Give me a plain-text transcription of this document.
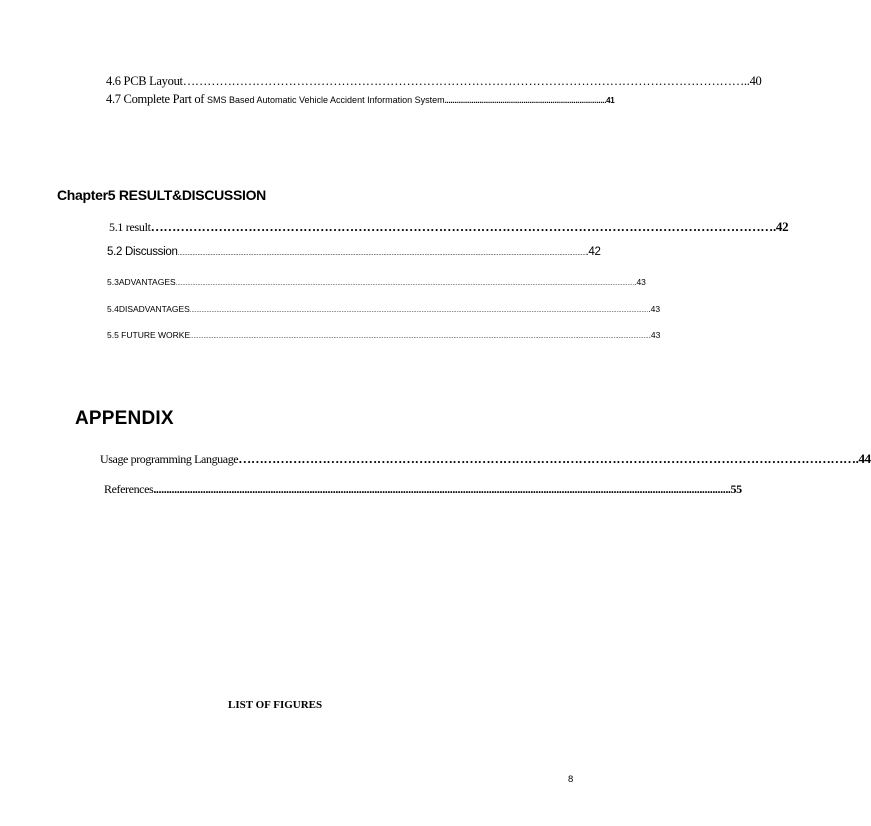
4.6 PCB Layout ………………………………………………………………………………………………………………………… ..40
4.7 Complete Part of SMS Based Automatic Vehicle Accident Information System .................................................................................... 41
Chapter5 RESULT&DISCUSSION
5.1 result ………………………………………………………………………………………………………………………………… .42
5.2 Discussion ........................................................................................................................................................................................................................................................ .42
5.3ADVANTAGES ................................................................................................................................................................................................................................................................................... .43
5.4DISADVANTAGES ................................................................................................................................................................................................................................................................................... .43
5.5 FUTURE WORKE ................................................................................................................................................................................................................................................................................... .43
APPENDIX
Usage programming Language ………………………………………………………………………………………………………………………………… .44
References .............................................................................................................................................................................................................................. 55
LIST OF FIGURES
8
